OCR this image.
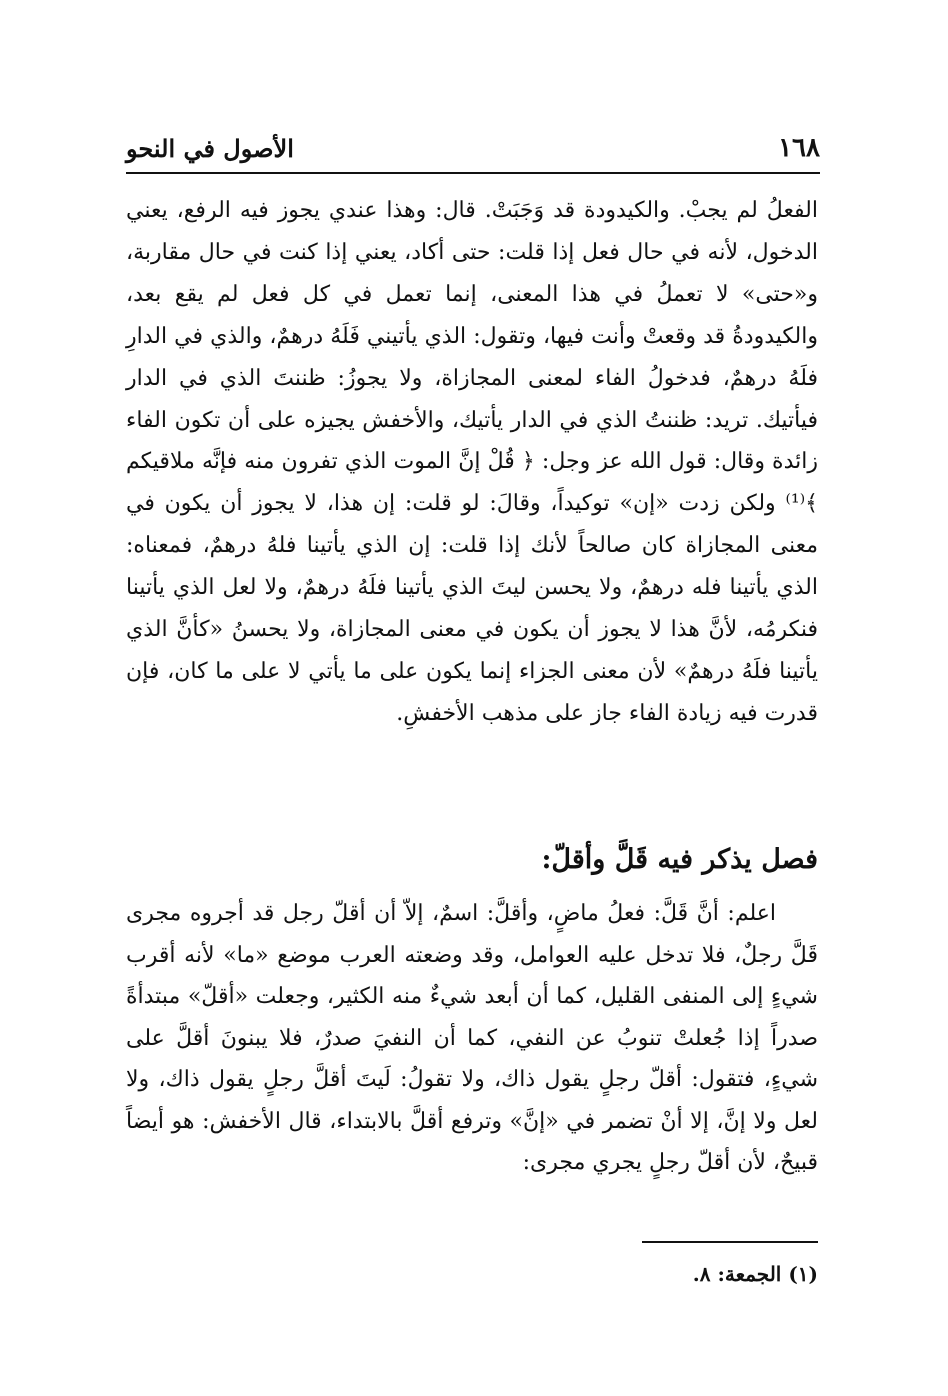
١٦٨
الأصول في النحو
الفعلُ لم يجبْ. والكيدودة قد وَجَبَتْ. قال: وهذا عندي يجوز فيه الرفع، يعني الدخول، لأنه في حال فعل إذا قلت: حتى أكاد، يعني إذا كنت في حال مقاربة، و«حتى» لا تعملُ في هذا المعنى، إنما تعمل في كل فعل لم يقع بعد، والكيدودةُ قد وقعتْ وأنت فيها، وتقول: الذي يأتيني فَلَهُ درهمٌ، والذي في الدارِ فلَهُ درهمٌ، فدخولُ الفاء لمعنى المجازاة، ولا يجوزُ: ظننتَ الذي في الدار فيأتيك. تريد: ظننتُ الذي في الدار يأتيك، والأخفش يجيزه على أن تكون الفاء زائدة وقال: قول الله عز وجل: ﴿ قُلْ إنَّ الموت الذي تفرون منه فإنَّه ملاقيكم ﴾⁽¹⁾ ولكن زدت «إن» توكيداً، وقالَ: لو قلت: إن هذا، لا يجوز أن يكون في معنى المجازاة كان صالحاً لأنك إذا قلت: إن الذي يأتينا فلهُ درهمٌ، فمعناه: الذي يأتينا فله درهمٌ، ولا يحسن ليتَ الذي يأتينا فلَهُ درهمٌ، ولا لعل الذي يأتينا فنكرمُه، لأنَّ هذا لا يجوز أن يكون في معنى المجازاة، ولا يحسنُ «كأنَّ الذي يأتينا فلَهُ درهمٌ» لأن معنى الجزاء إنما يكون على ما يأتي لا على ما كان، فإن قدرت فيه زيادة الفاء جاز على مذهب الأخفشِ.
فصل يذكر فيه قَلَّ وأقلّ:
اعلم: أنَّ قَلَّ: فعلُ ماضٍ، وأقلَّ: اسمٌ، إلاّ أن أقلّ رجل قد أجروه مجرى قَلَّ رجلٌ، فلا تدخل عليه العوامل، وقد وضعته العرب موضع «ما» لأنه أقرب شيءٍ إلى المنفى القليل، كما أن أبعد شيءٌ منه الكثير، وجعلت «أقلّ» مبتدأةً صدراً إذا جُعلتْ تنوبُ عن النفي، كما أن النفيَ صدرٌ، فلا يبنونَ أقلَّ على شيءٍ، فتقول: أقلّ رجلٍ يقول ذاك، ولا تقولُ: لَيتَ أقلَّ رجلٍ يقول ذاك، ولا لعل ولا إنَّ، إلا أنْ تضمر في «إنَّ» وترفع أقلَّ بالابتداء، قال الأخفش: هو أيضاً قبيحٌ، لأن أقلّ رجلٍ يجري مجرى:
(١) الجمعة: ٨.
